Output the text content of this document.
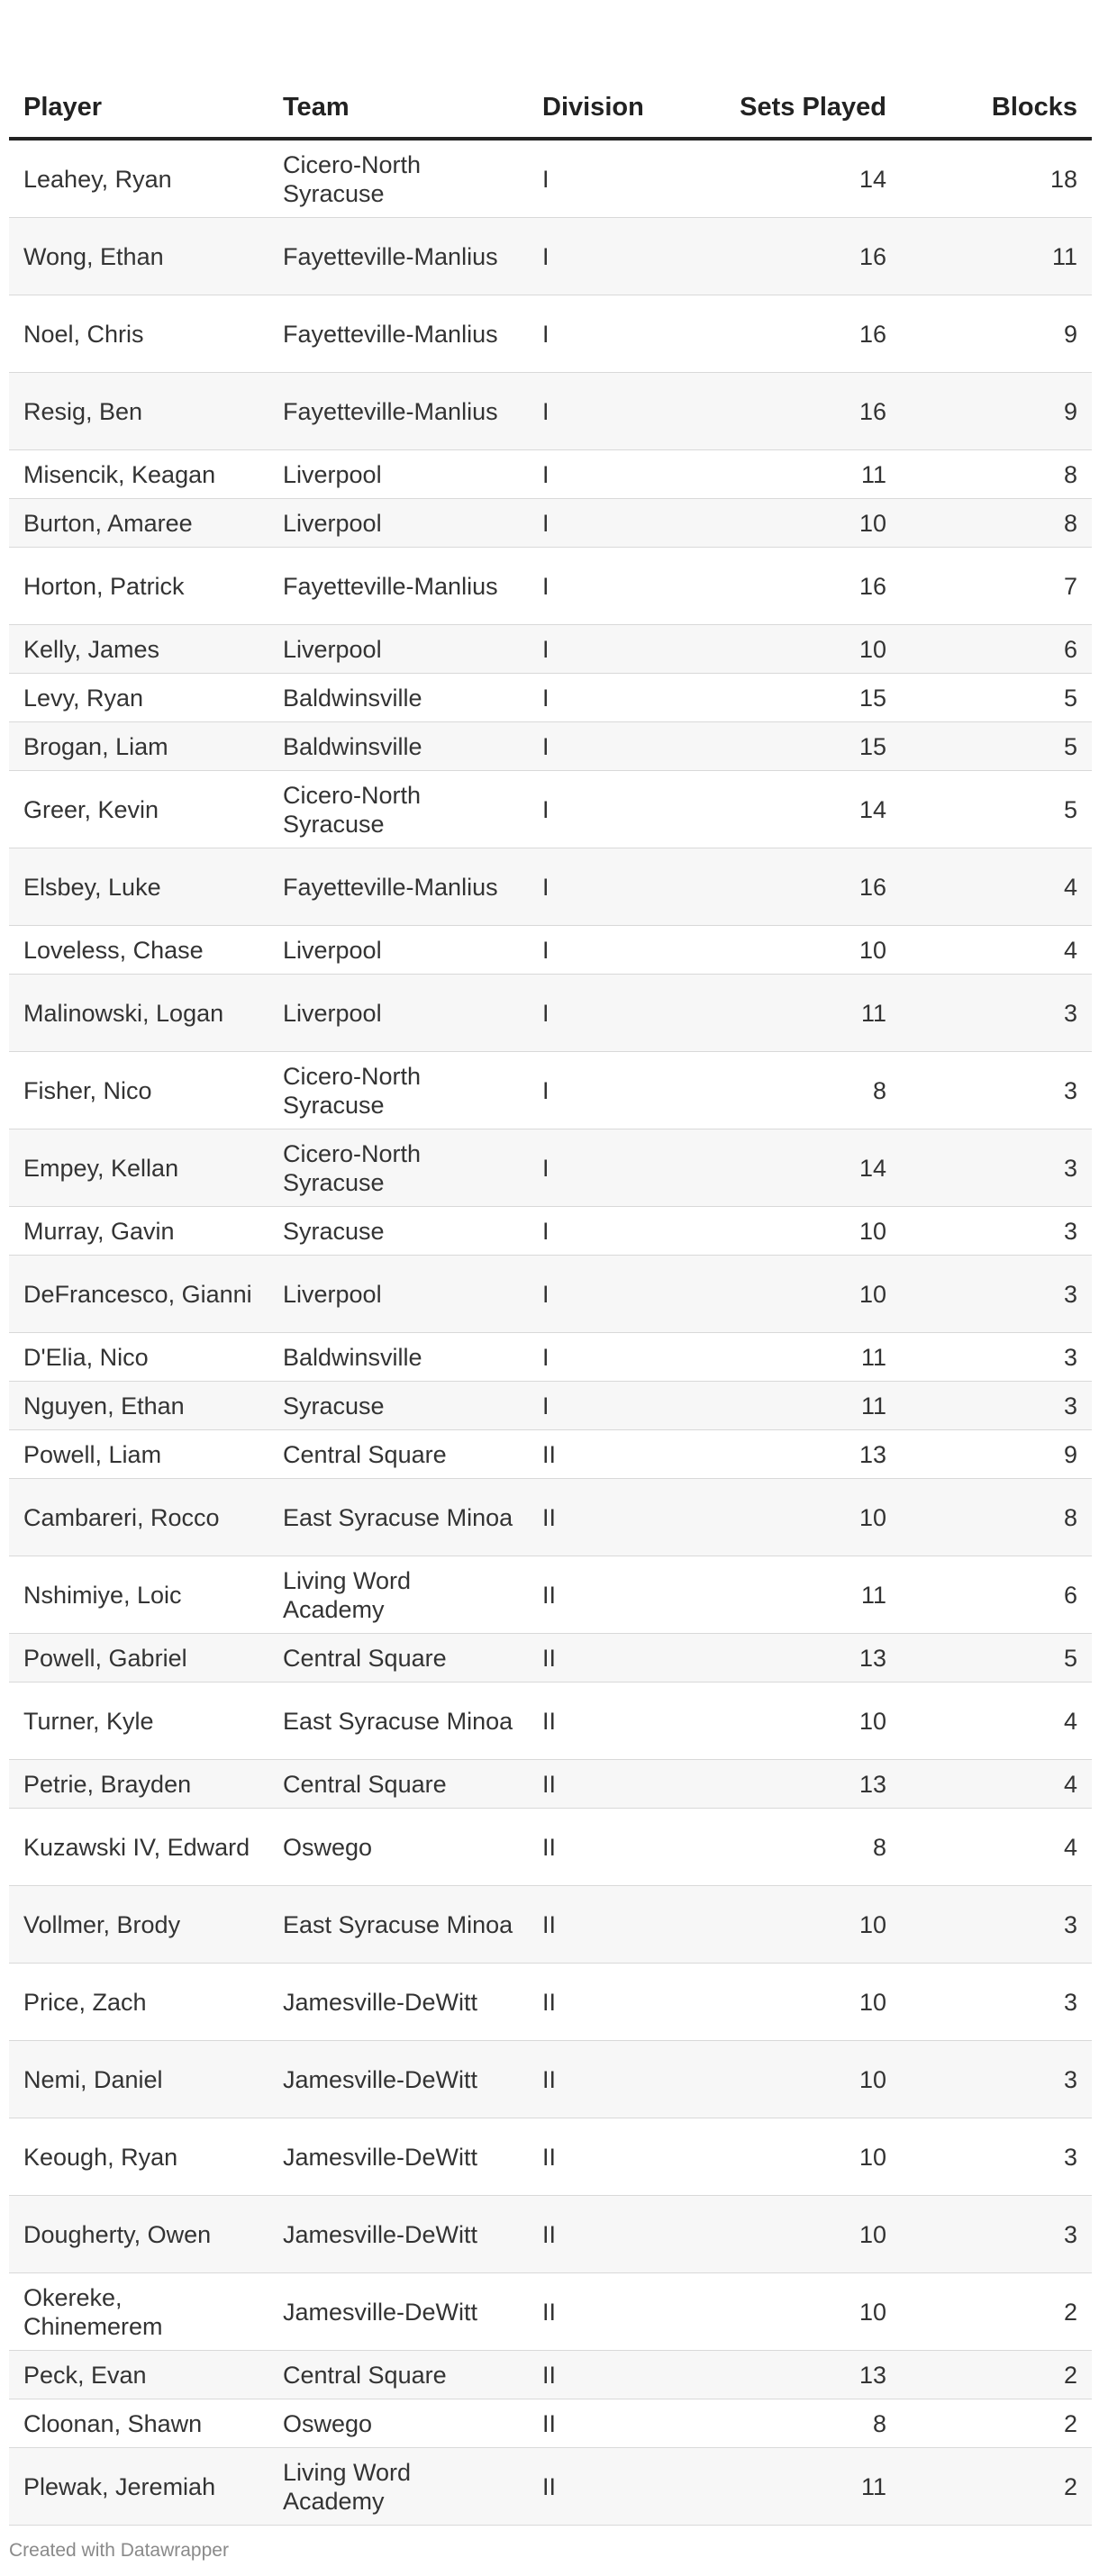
Player	Team	Division	Sets Played	Blocks
Leahey, Ryan	Cicero-North Syracuse	I	14	18
Wong, Ethan	Fayetteville-Manlius	I	16	11
Noel, Chris	Fayetteville-Manlius	I	16	9
Resig, Ben	Fayetteville-Manlius	I	16	9
Misencik, Keagan	Liverpool	I	11	8
Burton, Amaree	Liverpool	I	10	8
Horton, Patrick	Fayetteville-Manlius	I	16	7
Kelly, James	Liverpool	I	10	6
Levy, Ryan	Baldwinsville	I	15	5
Brogan, Liam	Baldwinsville	I	15	5
Greer, Kevin	Cicero-North Syracuse	I	14	5
Elsbey, Luke	Fayetteville-Manlius	I	16	4
Loveless, Chase	Liverpool	I	10	4
Malinowski, Logan	Liverpool	I	11	3
Fisher, Nico	Cicero-North Syracuse	I	8	3
Empey, Kellan	Cicero-North Syracuse	I	14	3
Murray, Gavin	Syracuse	I	10	3
DeFrancesco, Gianni	Liverpool	I	10	3
D'Elia, Nico	Baldwinsville	I	11	3
Nguyen, Ethan	Syracuse	I	11	3
Powell, Liam	Central Square	II	13	9
Cambareri, Rocco	East Syracuse Minoa	II	10	8
Nshimiye, Loic	Living Word Academy	II	11	6
Powell, Gabriel	Central Square	II	13	5
Turner, Kyle	East Syracuse Minoa	II	10	4
Petrie, Brayden	Central Square	II	13	4
Kuzawski IV, Edward	Oswego	II	8	4
Vollmer, Brody	East Syracuse Minoa	II	10	3
Price, Zach	Jamesville-DeWitt	II	10	3
Nemi, Daniel	Jamesville-DeWitt	II	10	3
Keough, Ryan	Jamesville-DeWitt	II	10	3
Dougherty, Owen	Jamesville-DeWitt	II	10	3
Okereke, Chinemerem	Jamesville-DeWitt	II	10	2
Peck, Evan	Central Square	II	13	2
Cloonan, Shawn	Oswego	II	8	2
Plewak, Jeremiah	Living Word Academy	II	11	2
Created with Datawrapper
